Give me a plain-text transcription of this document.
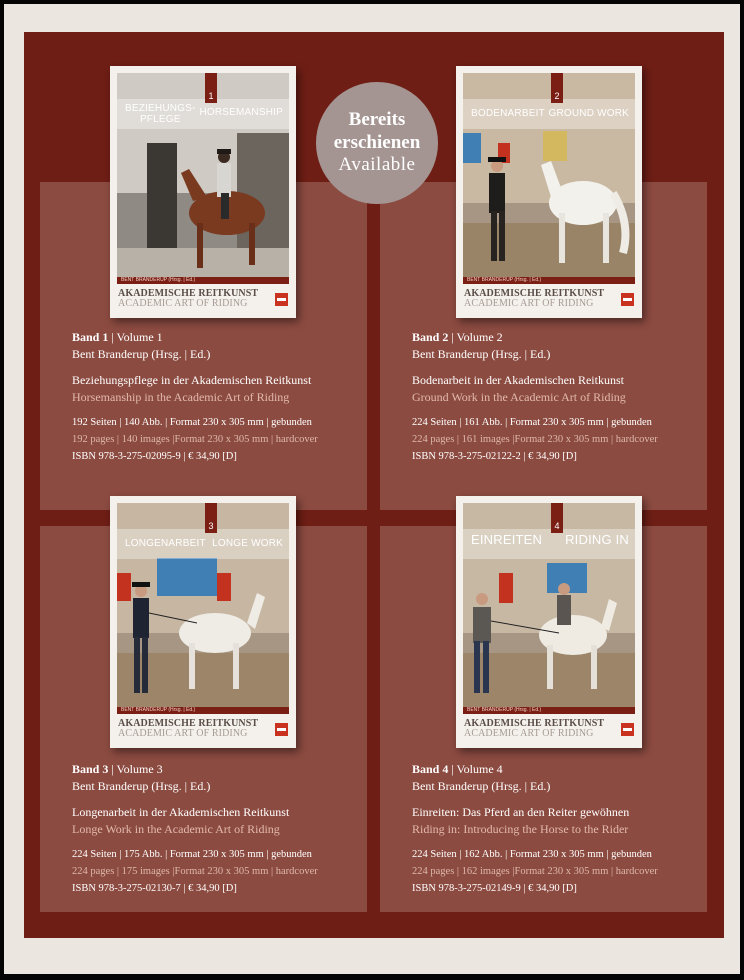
BEZIEHUNGS-
PFLEGE
HORSEMANSHIP
1
BENT BRANDERUP (Hrsg. | Ed.)
AKADEMISCHE REITKUNST
ACADEMIC ART OF RIDING
BODENARBEIT GROUND WORK
2
BENT BRANDERUP (Hrsg. | Ed.)
AKADEMISCHE REITKUNST
ACADEMIC ART OF RIDING
LONGENARBEIT LONGE WORK
3
BENT BRANDERUP (Hrsg. | Ed.)
AKADEMISCHE REITKUNST
ACADEMIC ART OF RIDING
EINREITEN RIDING IN
4
BENT BRANDERUP (Hrsg. | Ed.)
AKADEMISCHE REITKUNST
ACADEMIC ART OF RIDING
Bereits
erschienen
Available
Band 1 | Volume 1
Bent Branderup (Hrsg. | Ed.)
Beziehungspflege in der Akademischen Reitkunst
Horsemanship in the Academic Art of Riding
192 Seiten | 140 Abb. | Format 230 x 305 mm | gebunden
192 pages | 140 images |Format 230 x 305 mm | hardcover
ISBN 978-3-275-02095-9 | € 34,90 [D]
Band 2 | Volume 2
Bent Branderup (Hrsg. | Ed.)
Bodenarbeit in der Akademischen Reitkunst
Ground Work in the Academic Art of Riding
224 Seiten | 161 Abb. | Format 230 x 305 mm | gebunden
224 pages | 161 images |Format 230 x 305 mm | hardcover
ISBN 978-3-275-02122-2 | € 34,90 [D]
Band 3 | Volume 3
Bent Branderup (Hrsg. | Ed.)
Longenarbeit in der Akademischen Reitkunst
Longe Work in the Academic Art of Riding
224 Seiten | 175 Abb. | Format 230 x 305 mm | gebunden
224 pages | 175 images |Format 230 x 305 mm | hardcover
ISBN 978-3-275-02130-7 | € 34,90 [D]
Band 4 | Volume 4
Bent Branderup (Hrsg. | Ed.)
Einreiten: Das Pferd an den Reiter gewöhnen
Riding in: Introducing the Horse to the Rider
224 Seiten | 162 Abb. | Format 230 x 305 mm | gebunden
224 pages | 162 images |Format 230 x 305 mm | hardcover
ISBN 978-3-275-02149-9 | € 34,90 [D]
